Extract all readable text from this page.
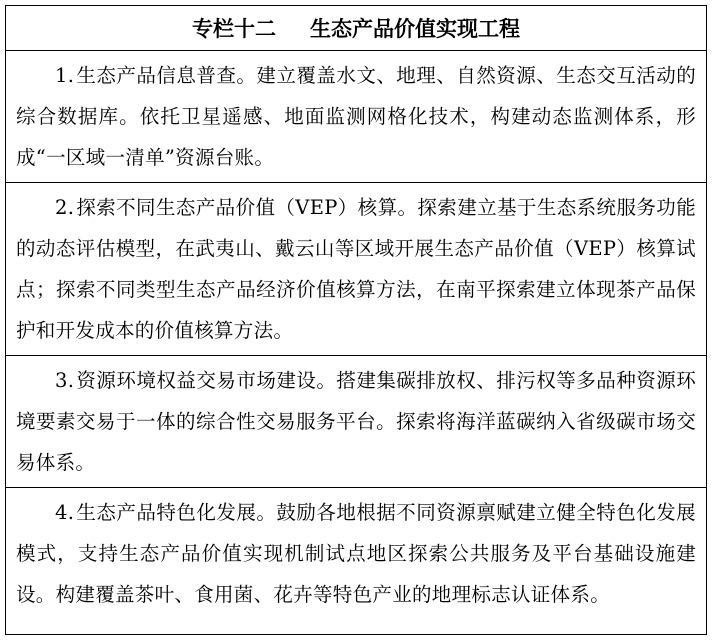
专栏十二 生态产品价值实现工程
1. 生态产品信息普查。建立覆盖水文、地理、自然资源、生态交互活动的综合数据库。依托卫星遥感、地面监测网格化技术，构建动态监测体系，形成“一区域一清单”资源台账。
2. 探索不同生态产品价值（VEP）核算。探索建立基于生态系统服务功能的动态评估模型，在武夷山、戴云山等区域开展生态产品价值（VEP）核算试点；探索不同类型生态产品经济价值核算方法，在南平探索建立体现茶产品保护和开发成本的价值核算方法。
3. 资源环境权益交易市场建设。搭建集碳排放权、排污权等多品种资源环境要素交易于一体的综合性交易服务平台。探索将海洋蓝碳纳入省级碳市场交易体系。
4. 生态产品特色化发展。鼓励各地根据不同资源禀赋建立健全特色化发展模式，支持生态产品价值实现机制试点地区探索公共服务及平台基础设施建设。构建覆盖茶叶、食用菌、花卉等特色产业的地理标志认证体系。
